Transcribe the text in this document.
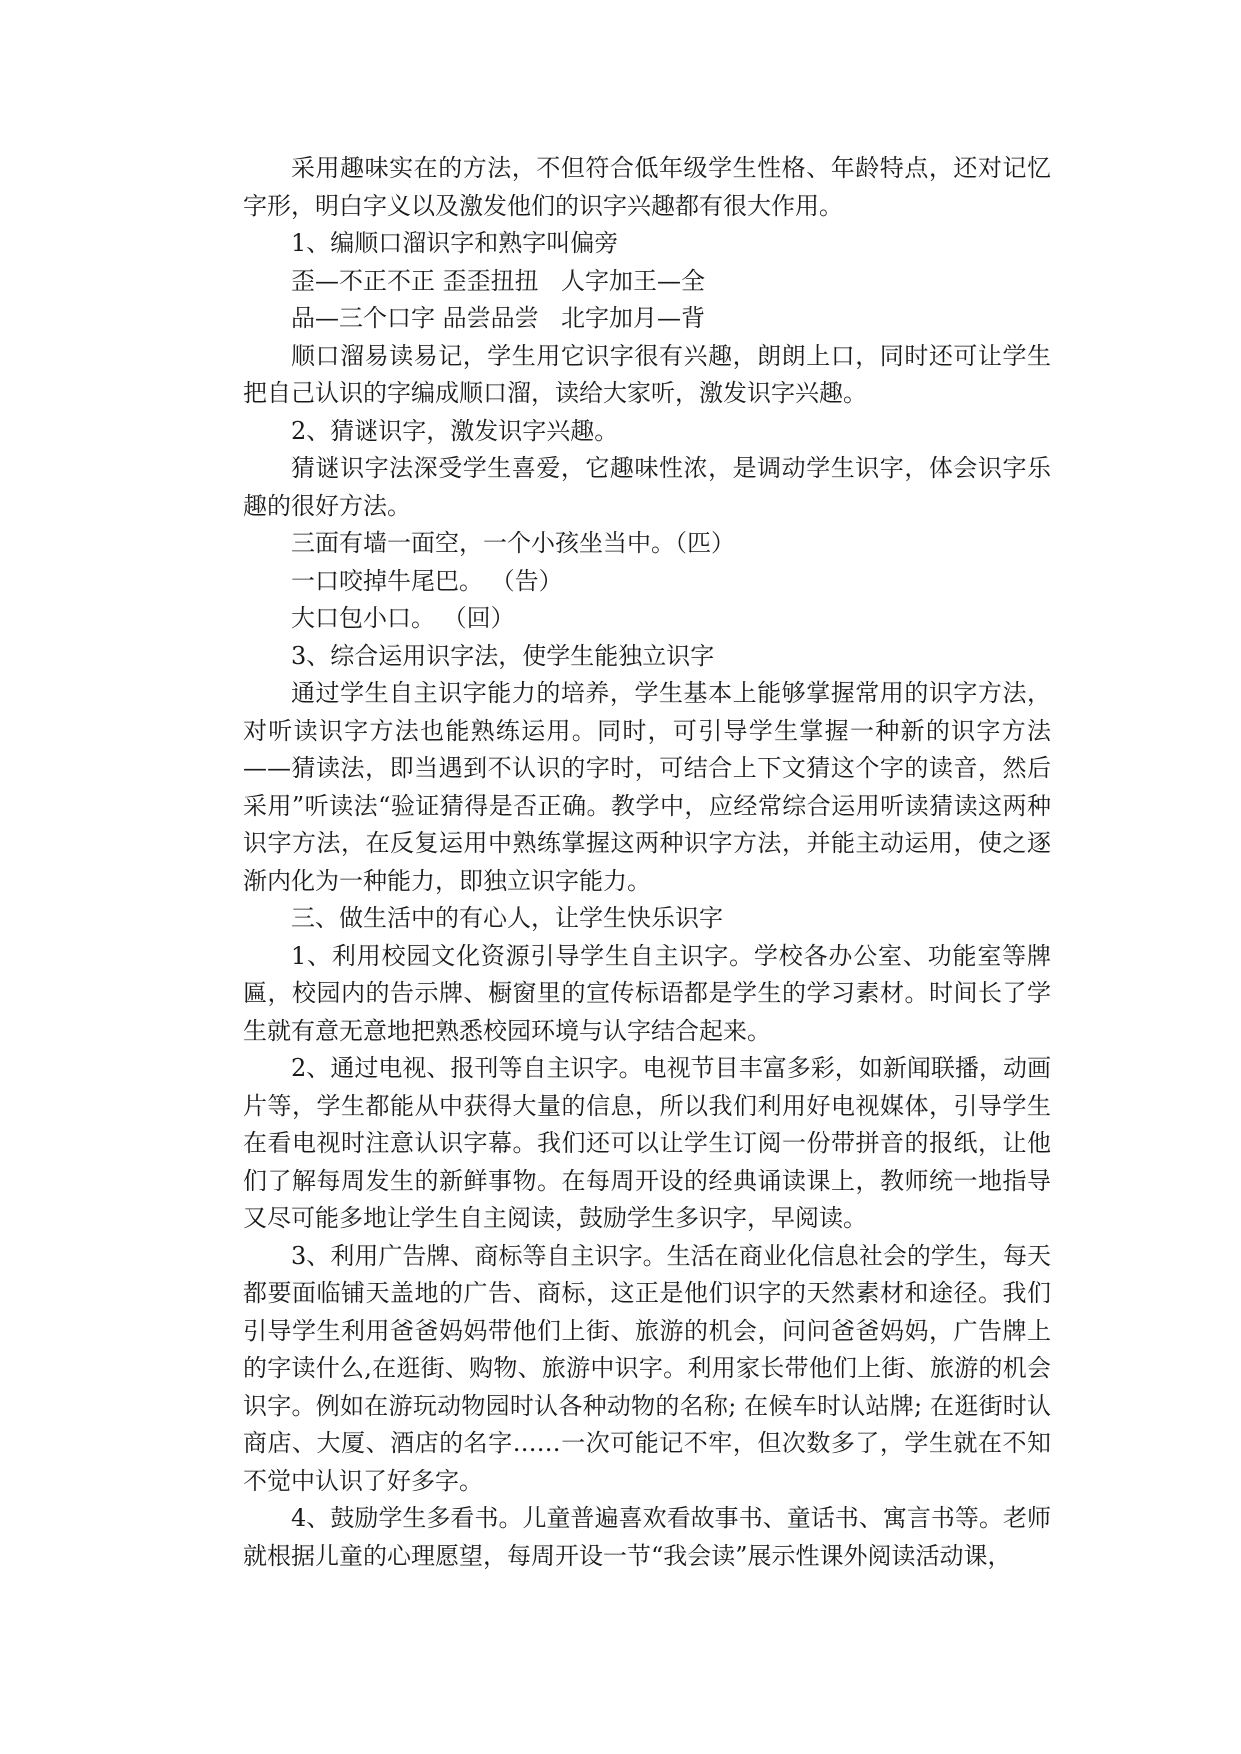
采用趣味实在的方法，不但符合低年级学生性格、年龄特点，还对记忆字形，明白字义以及激发他们的识字兴趣都有很大作用。

1、编顺口溜识字和熟字叫偏旁

歪—不正不正 歪歪扭扭 人字加王—全
品—三个口字 品尝品尝 北字加月—背

顺口溜易读易记，学生用它识字很有兴趣，朗朗上口，同时还可让学生把自己认识的字编成顺口溜，读给大家听，激发识字兴趣。

2、猜谜识字，激发识字兴趣。

猜谜识字法深受学生喜爱，它趣味性浓，是调动学生识字，体会识字乐趣的很好方法。

三面有墙一面空，一个小孩坐当中。（匹）

一口咬掉牛尾巴。 （告）

大口包小口。 （回）

3、综合运用识字法，使学生能独立识字

通过学生自主识字能力的培养，学生基本上能够掌握常用的识字方法，对听读识字方法也能熟练运用。同时，可引导学生掌握一种新的识字方法——猜读法，即当遇到不认识的字时，可结合上下文猜这个字的读音，然后采用”听读法“验证猜得是否正确。教学中，应经常综合运用听读猜读这两种识字方法，在反复运用中熟练掌握这两种识字方法，并能主动运用，使之逐渐内化为一种能力，即独立识字能力。

三、做生活中的有心人，让学生快乐识字

1、利用校园文化资源引导学生自主识字。学校各办公室、功能室等牌匾，校园内的告示牌、橱窗里的宣传标语都是学生的学习素材。时间长了学生就有意无意地把熟悉校园环境与认字结合起来。

2、通过电视、报刊等自主识字。电视节目丰富多彩，如新闻联播，动画片等，学生都能从中获得大量的信息，所以我们利用好电视媒体，引导学生在看电视时注意认识字幕。我们还可以让学生订阅一份带拼音的报纸，让他们了解每周发生的新鲜事物。在每周开设的经典诵读课上，教师统一地指导又尽可能多地让学生自主阅读，鼓励学生多识字，早阅读。

3、利用广告牌、商标等自主识字。生活在商业化信息社会的学生，每天都要面临铺天盖地的广告、商标，这正是他们识字的天然素材和途径。我们引导学生利用爸爸妈妈带他们上街、旅游的机会，问问爸爸妈妈，广告牌上的字读什么,在逛街、购物、旅游中识字。利用家长带他们上街、旅游的机会识字。例如在游玩动物园时认各种动物的名称; 在候车时认站牌; 在逛街时认商店、大厦、酒店的名字……一次可能记不牢，但次数多了，学生就在不知不觉中认识了好多字。

4、鼓励学生多看书。儿童普遍喜欢看故事书、童话书、寓言书等。老师就根据儿童的心理愿望，每周开设一节“我会读”展示性课外阅读活动课，
